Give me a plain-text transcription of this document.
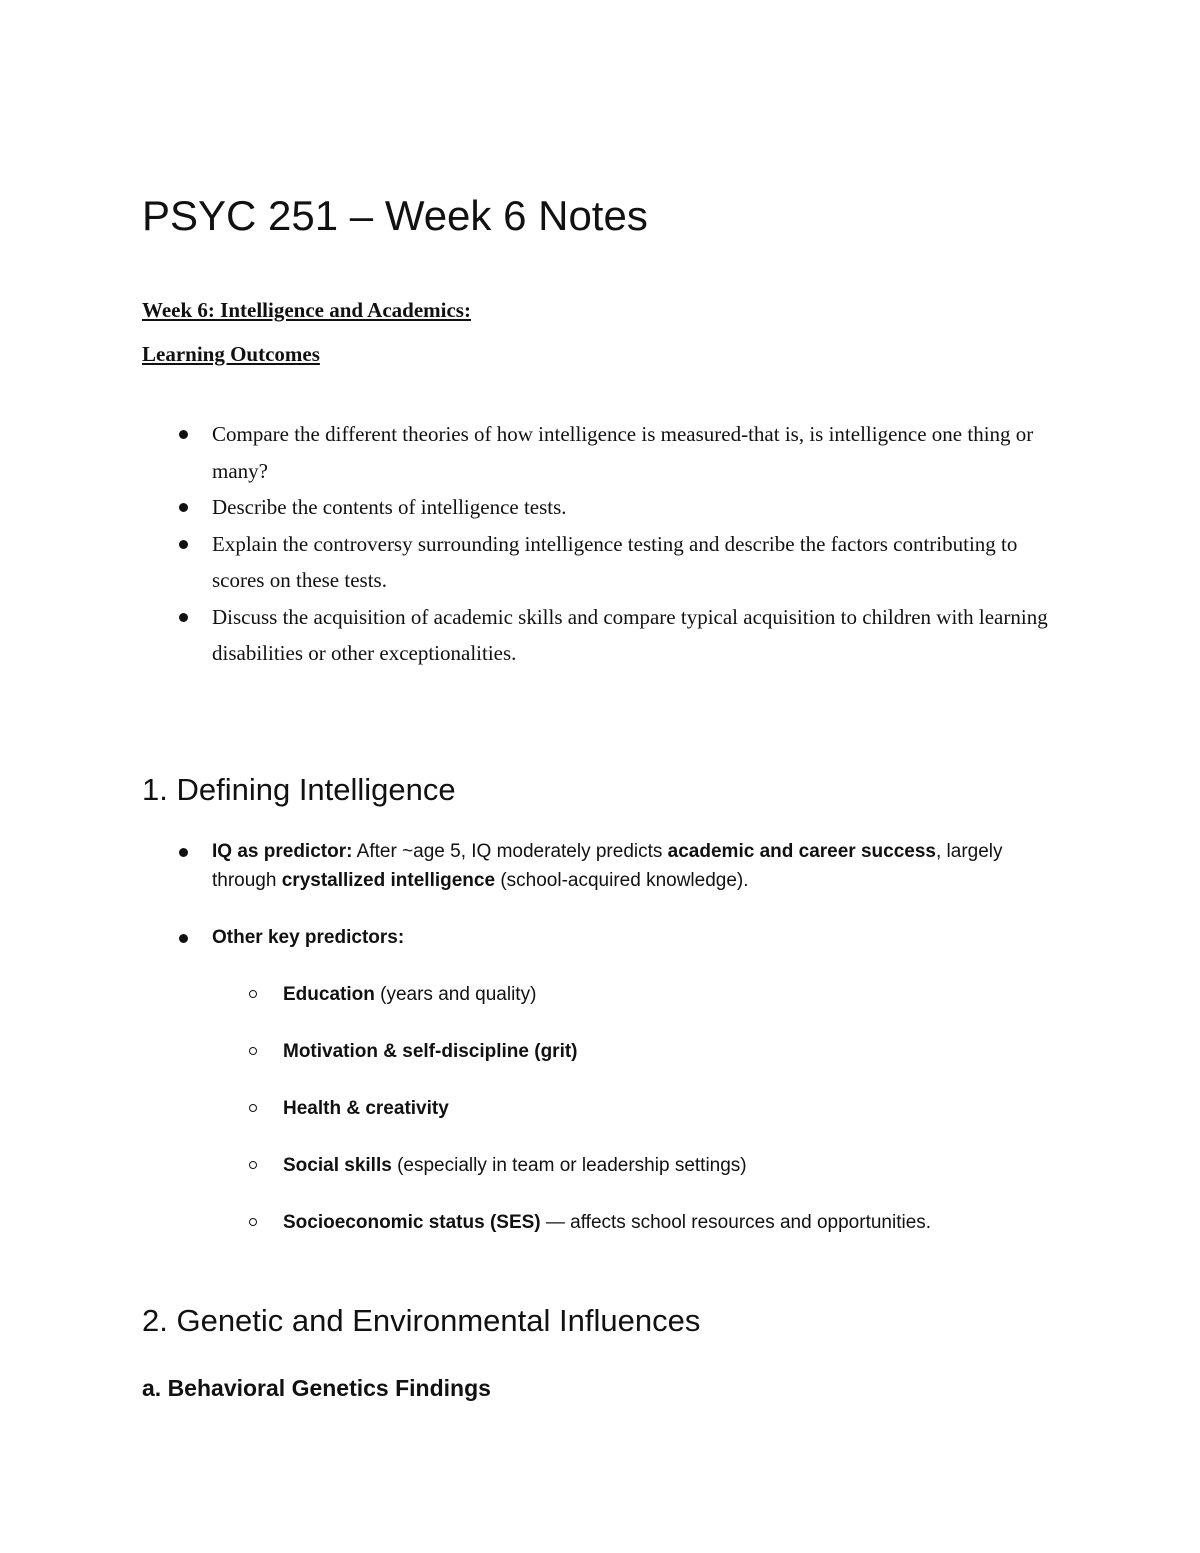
PSYC 251 – Week 6 Notes

Week 6: Intelligence and Academics:

Learning Outcomes

Compare the different theories of how intelligence is measured-that is, is intelligence one thing or many?
Describe the contents of intelligence tests.
Explain the controversy surrounding intelligence testing and describe the factors contributing to scores on these tests.
Discuss the acquisition of academic skills and compare typical acquisition to children with learning disabilities or other exceptionalities.
1. Defining Intelligence
IQ as predictor: After ~age 5, IQ moderately predicts academic and career success, largely through crystallized intelligence (school-acquired knowledge).
Other key predictors:
Education (years and quality)
Motivation & self-discipline (grit)
Health & creativity
Social skills (especially in team or leadership settings)
Socioeconomic status (SES) — affects school resources and opportunities.
2. Genetic and Environmental Influences
a. Behavioral Genetics Findings
